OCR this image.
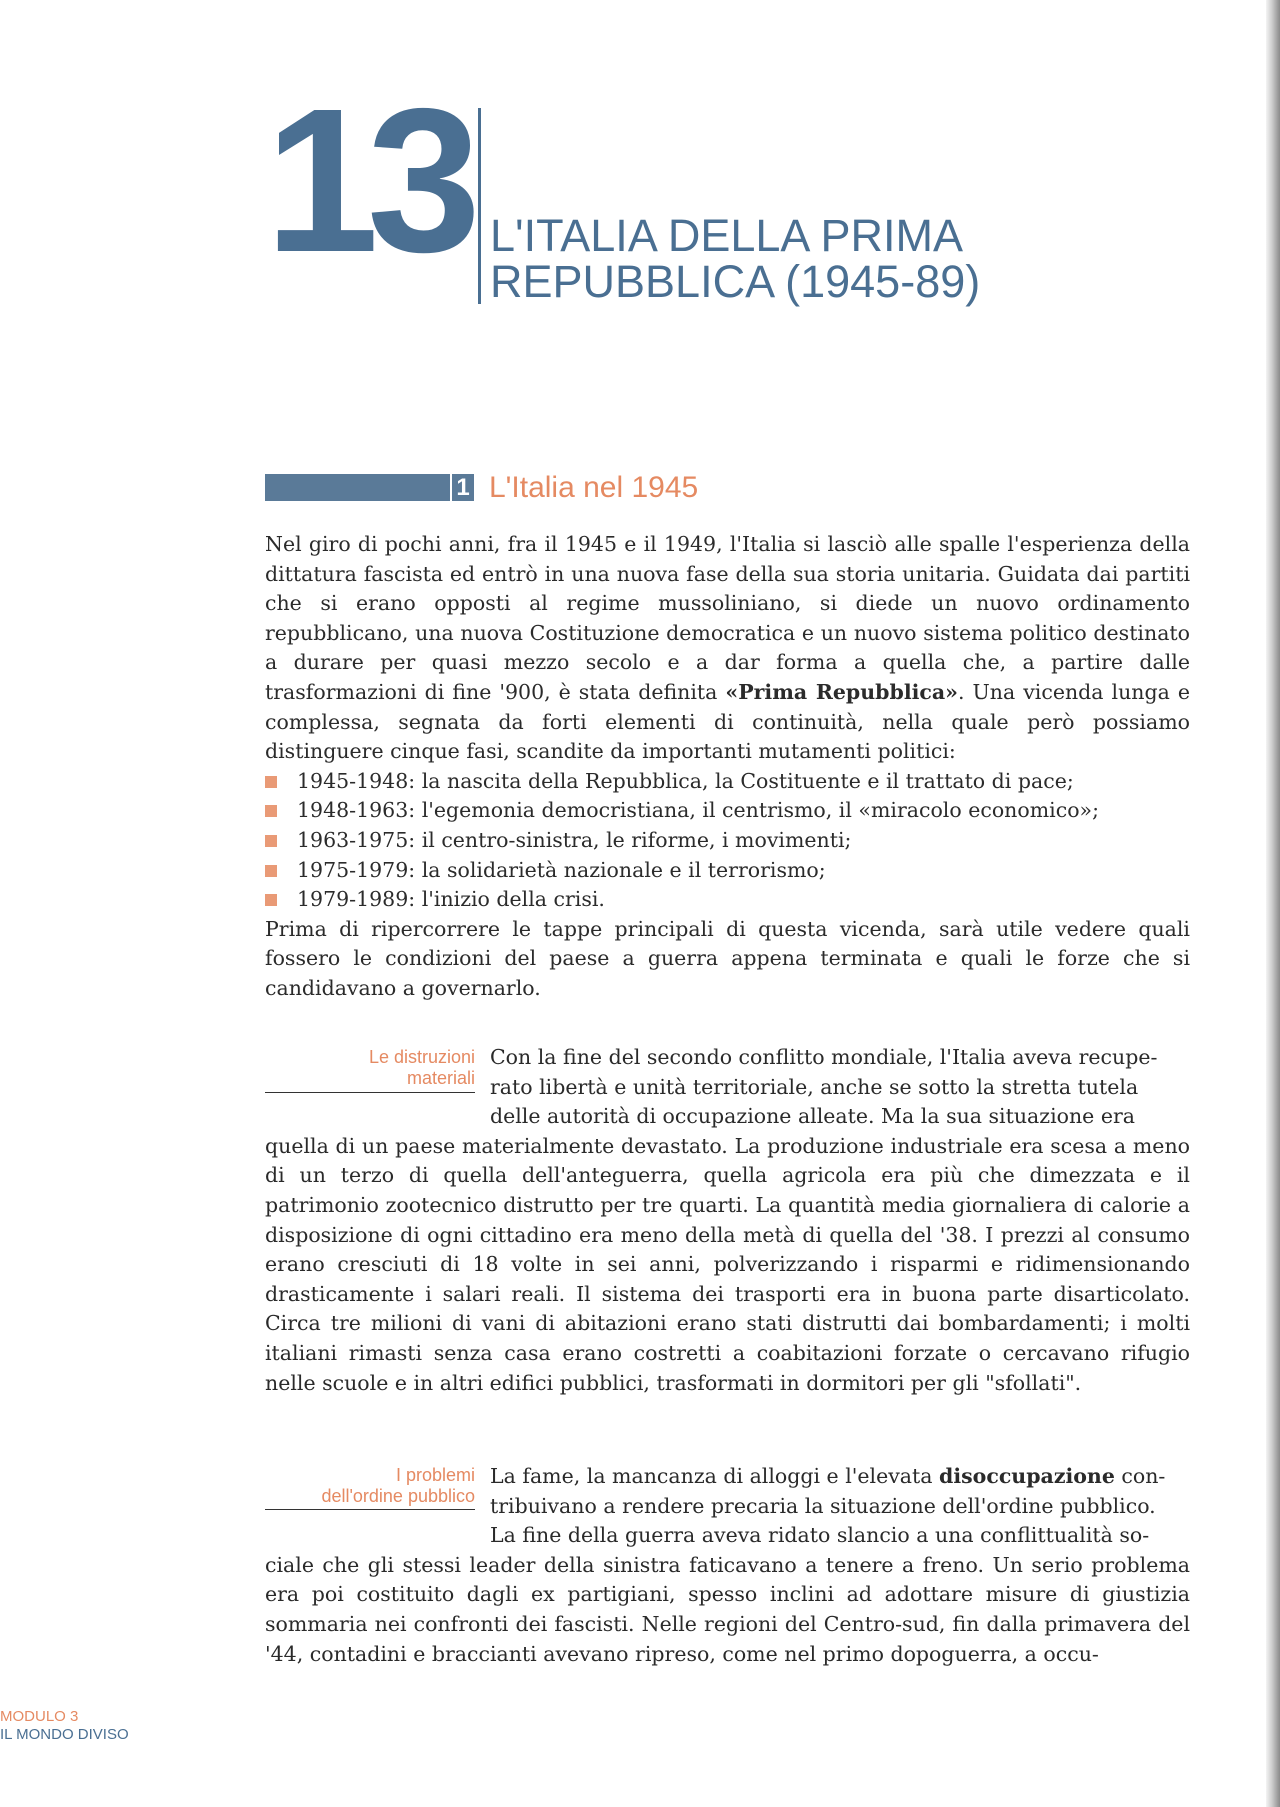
13 L'ITALIA DELLA PRIMA
REPUBBLICA (1945-89)
1 L'Italia nel 1945

Nel giro di pochi anni, fra il 1945 e il 1949, l'Italia si lasciò alle spalle l'esperienza della dittatura fascista ed entrò in una nuova fase della sua storia unitaria. Guidata dai partiti che si erano opposti al regime mussoliniano, si diede un nuovo ordinamento repubblicano, una nuova Costituzione democratica e un nuovo sistema politico destinato a durare per quasi mezzo secolo e a dar forma a quella che, a partire dalle trasformazioni di fine '900, è stata definita «Prima Repubblica». Una vicenda lunga e complessa, segnata da forti elementi di continuità, nella quale però possiamo distinguere cinque fasi, scandite da importanti mutamenti politici:

1945-1948: la nascita della Repubblica, la Costituente e il trattato di pace;
1948-1963: l'egemonia democristiana, il centrismo, il «miracolo economico»;
1963-1975: il centro-sinistra, le riforme, i movimenti;
1975-1979: la solidarietà nazionale e il terrorismo;
1979-1989: l'inizio della crisi.

Prima di ripercorrere le tappe principali di questa vicenda, sarà utile vedere quali fossero le condizioni del paese a guerra appena terminata e quali le forze che si candidavano a governarlo.

Le distruzioni
materiali
Con la fine del secondo conflitto mondiale, l'Italia aveva recupe-
rato libertà e unità territoriale, anche se sotto la stretta tutela
delle autorità di occupazione alleate. Ma la sua situazione era
quella di un paese materialmente devastato. La produzione industriale era scesa a meno di un terzo di quella dell'anteguerra, quella agricola era più che dimezzata e il patrimonio zootecnico distrutto per tre quarti. La quantità media giornaliera di calorie a disposizione di ogni cittadino era meno della metà di quella del '38. I prezzi al consumo erano cresciuti di 18 volte in sei anni, polverizzando i risparmi e ridimensionando drasticamente i salari reali. Il sistema dei trasporti era in buona parte disarticolato. Circa tre milioni di vani di abitazioni erano stati distrutti dai bombardamenti; i molti italiani rimasti senza casa erano costretti a coabitazioni forzate o cercavano rifugio nelle scuole e in altri edifici pubblici, trasformati in dormitori per gli "sfollati".
I problemi
dell'ordine pubblico
La fame, la mancanza di alloggi e l'elevata disoccupazione con-
tribuivano a rendere precaria la situazione dell'ordine pubblico.
La fine della guerra aveva ridato slancio a una conflittualità so-
ciale che gli stessi leader della sinistra faticavano a tenere a freno. Un serio problema era poi costituito dagli ex partigiani, spesso inclini ad adottare misure di giustizia sommaria nei confronti dei fascisti. Nelle regioni del Centro-sud, fin dalla primavera del '44, contadini e braccianti avevano ripreso, come nel primo dopoguerra, a occu-
MODULO 3
IL MONDO DIVISO
